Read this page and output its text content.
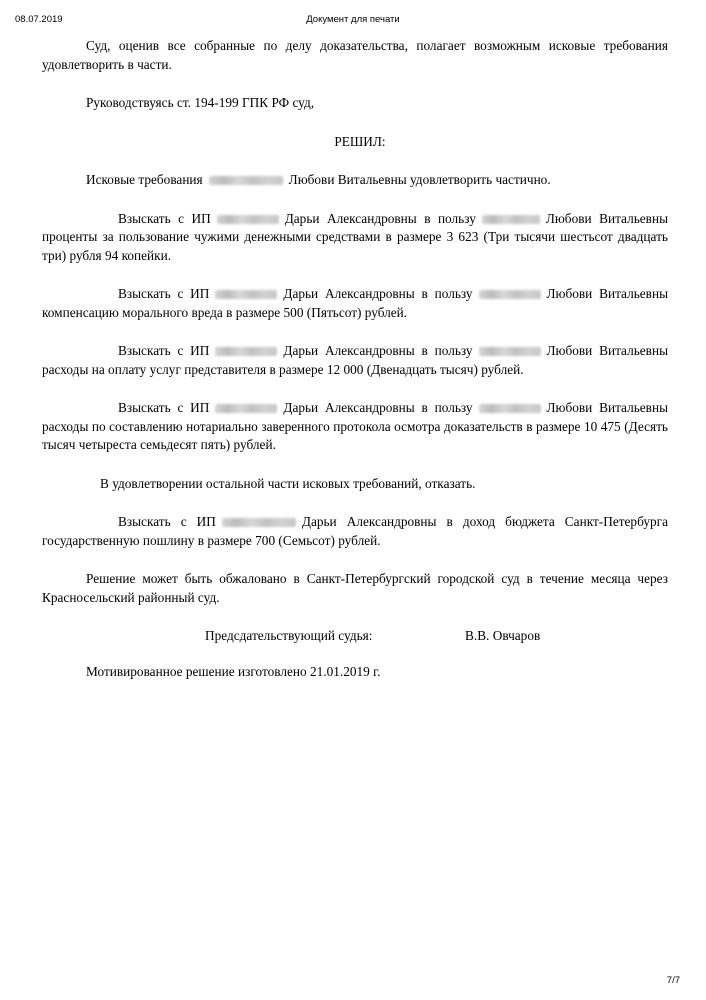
08.07.2019	Документ для печати

Суд, оценив все собранные по делу доказательства, полагает возможным исковые требования удовлетворить в части.

Руководствуясь ст. 194-199 ГПК РФ суд,

РЕШИЛ:

Исковые требования	Любови Витальевны удовлетворить частично.

Взыскать с ИП	Дарьи Александровны в пользу	Любови Витальевны проценты за пользование чужими денежными средствами в размере 3 623 (Три тысячи шестьсот двадцать три) рубля 94 копейки.

Взыскать с ИП	Дарьи Александровны в пользу	Любови Витальевны компенсацию морального вреда в размере 500 (Пятьсот) рублей.

Взыскать с ИП	Дарьи Александровны в пользу	Любови Витальевны расходы на оплату услуг представителя в размере 12 000 (Двенадцать тысяч) рублей.

Взыскать с ИП	Дарьи Александровны в пользу	Любови Витальевны расходы по составлению нотариально заверенного протокола осмотра доказательств в размере 10 475 (Десять тысяч четыреста семьдесят пять) рублей.

В удовлетворении остальной части исковых требований, отказать.

Взыскать с ИП	Дарьи Александровны в доход бюджета Санкт-Петербурга государственную пошлину в размере 700 (Семьсот) рублей.

Решение может быть обжаловано в Санкт-Петербургский городской суд в течение месяца через Красносельский районный суд.

Предсдательствующий судья:	В.В. Овчаров

Мотивированное решение изготовлено 21.01.2019 г.

7/7
